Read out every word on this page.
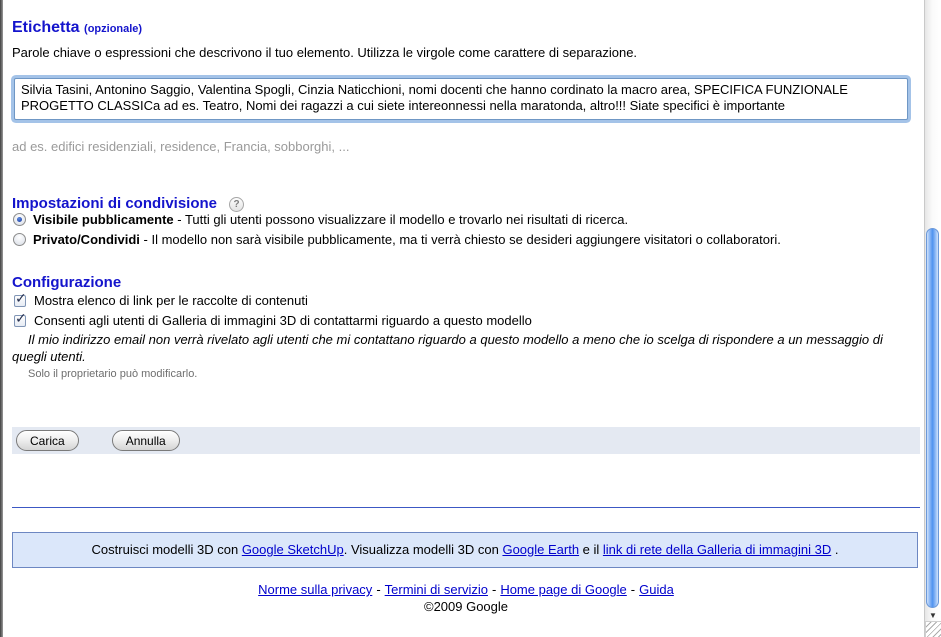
Etichetta (opzionale)
Parole chiave o espressioni che descrivono il tuo elemento. Utilizza le virgole come carattere di separazione.
Silvia Tasini, Antonino Saggio, Valentina Spogli, Cinzia Naticchioni, nomi docenti che hanno cordinato la macro area, SPECIFICA FUNZIONALE PROGETTO CLASSICa ad es. Teatro, Nomi dei ragazzi a cui siete intereonnessi nella maratonda, altro!!! Siate specifici è importante
ad es. edifici residenziali, residence, Francia, sobborghi, ...
Impostazioni di condivisione ?
Visibile pubblicamente - Tutti gli utenti possono visualizzare il modello e trovarlo nei risultati di ricerca.
Privato/Condividi - Il modello non sarà visibile pubblicamente, ma ti verrà chiesto se desideri aggiungere visitatori o collaboratori.
Configurazione
✓ Mostra elenco di link per le raccolte di contenuti
✓ Consenti agli utenti di Galleria di immagini 3D di contattarmi riguardo a questo modello
Il mio indirizzo email non verrà rivelato agli utenti che mi contattano riguardo a questo modello a meno che io scelga di rispondere a un messaggio di quegli utenti.
Solo il proprietario può modificarlo.
Carica	Annulla
Costruisci modelli 3D con Google SketchUp. Visualizza modelli 3D con Google Earth e il link di rete della Galleria di immagini 3D .
Norme sulla privacy - Termini di servizio - Home page di Google - Guida
©2009 Google
▼
